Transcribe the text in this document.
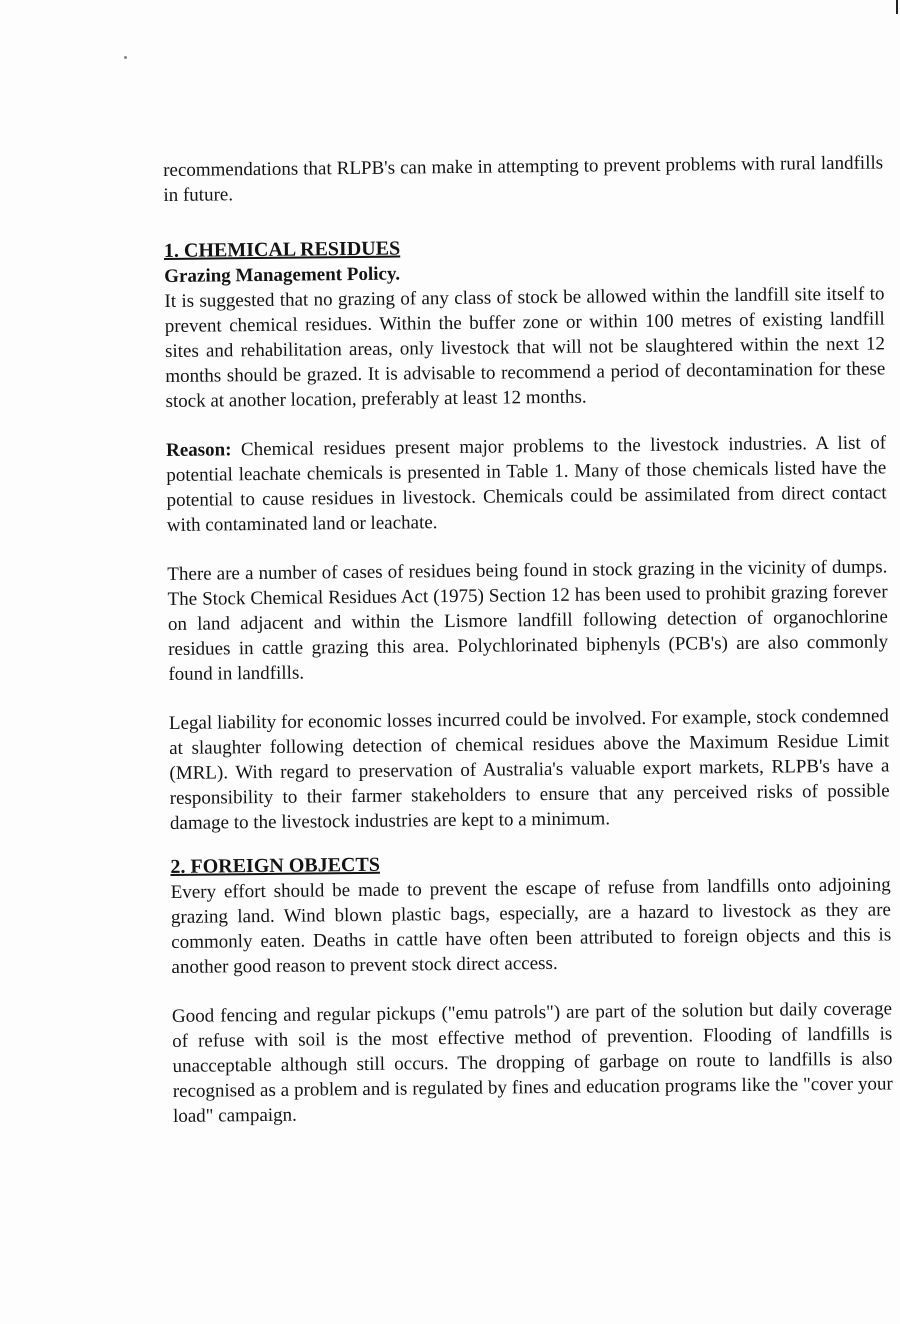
recommendations that RLPB's can make in attempting to prevent problems with rural landfills in future.

1. CHEMICAL RESIDUES

Grazing Management Policy.

It is suggested that no grazing of any class of stock be allowed within the landfill site itself to prevent chemical residues. Within the buffer zone or within 100 metres of existing landfill sites and rehabilitation areas, only livestock that will not be slaughtered within the next 12 months should be grazed. It is advisable to recommend a period of decontamination for these stock at another location, preferably at least 12 months.

Reason: Chemical residues present major problems to the livestock industries. A list of potential leachate chemicals is presented in Table 1. Many of those chemicals listed have the potential to cause residues in livestock. Chemicals could be assimilated from direct contact with contaminated land or leachate.

There are a number of cases of residues being found in stock grazing in the vicinity of dumps. The Stock Chemical Residues Act (1975) Section 12 has been used to prohibit grazing forever on land adjacent and within the Lismore landfill following detection of organochlorine residues in cattle grazing this area. Polychlorinated biphenyls (PCB's) are also commonly found in landfills.

Legal liability for economic losses incurred could be involved. For example, stock condemned at slaughter following detection of chemical residues above the Maximum Residue Limit (MRL). With regard to preservation of Australia's valuable export markets, RLPB's have a responsibility to their farmer stakeholders to ensure that any perceived risks of possible damage to the livestock industries are kept to a minimum.

2. FOREIGN OBJECTS

Every effort should be made to prevent the escape of refuse from landfills onto adjoining grazing land. Wind blown plastic bags, especially, are a hazard to livestock as they are commonly eaten. Deaths in cattle have often been attributed to foreign objects and this is another good reason to prevent stock direct access.

Good fencing and regular pickups ("emu patrols") are part of the solution but daily coverage of refuse with soil is the most effective method of prevention. Flooding of landfills is unacceptable although still occurs. The dropping of garbage on route to landfills is also recognised as a problem and is regulated by fines and education programs like the "cover your load" campaign.
